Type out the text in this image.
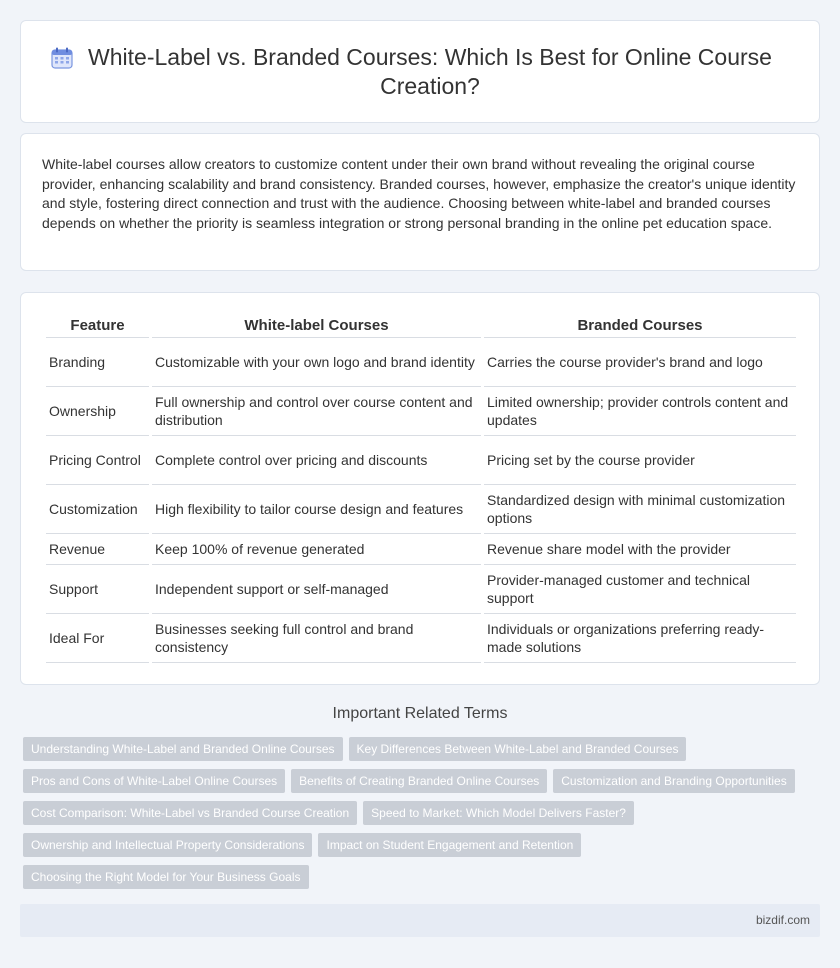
White-Label vs. Branded Courses: Which Is Best for Online Course Creation?

White-label courses allow creators to customize content under their own brand without revealing the original course provider, enhancing scalability and brand consistency. Branded courses, however, emphasize the creator's unique identity and style, fostering direct connection and trust with the audience. Choosing between white-label and branded courses depends on whether the priority is seamless integration or strong personal branding in the online pet education space.

Feature	White-label Courses	Branded Courses
Branding	Customizable with your own logo and brand identity	Carries the course provider's brand and logo
Ownership	Full ownership and control over course content and distribution	Limited ownership; provider controls content and updates
Pricing Control	Complete control over pricing and discounts	Pricing set by the course provider
Customization	High flexibility to tailor course design and features	Standardized design with minimal customization options
Revenue	Keep 100% of revenue generated	Revenue share model with the provider
Support	Independent support or self-managed	Provider-managed customer and technical support
Ideal For	Businesses seeking full control and brand consistency	Individuals or organizations preferring ready-made solutions
Important Related Terms
Understanding White-Label and Branded Online Courses	Key Differences Between White-Label and Branded Courses
Pros and Cons of White-Label Online Courses	Benefits of Creating Branded Online Courses	Customization and Branding Opportunities
Cost Comparison: White-Label vs Branded Course Creation	Speed to Market: Which Model Delivers Faster?
Ownership and Intellectual Property Considerations	Impact on Student Engagement and Retention
Choosing the Right Model for Your Business Goals
bizdif.com
